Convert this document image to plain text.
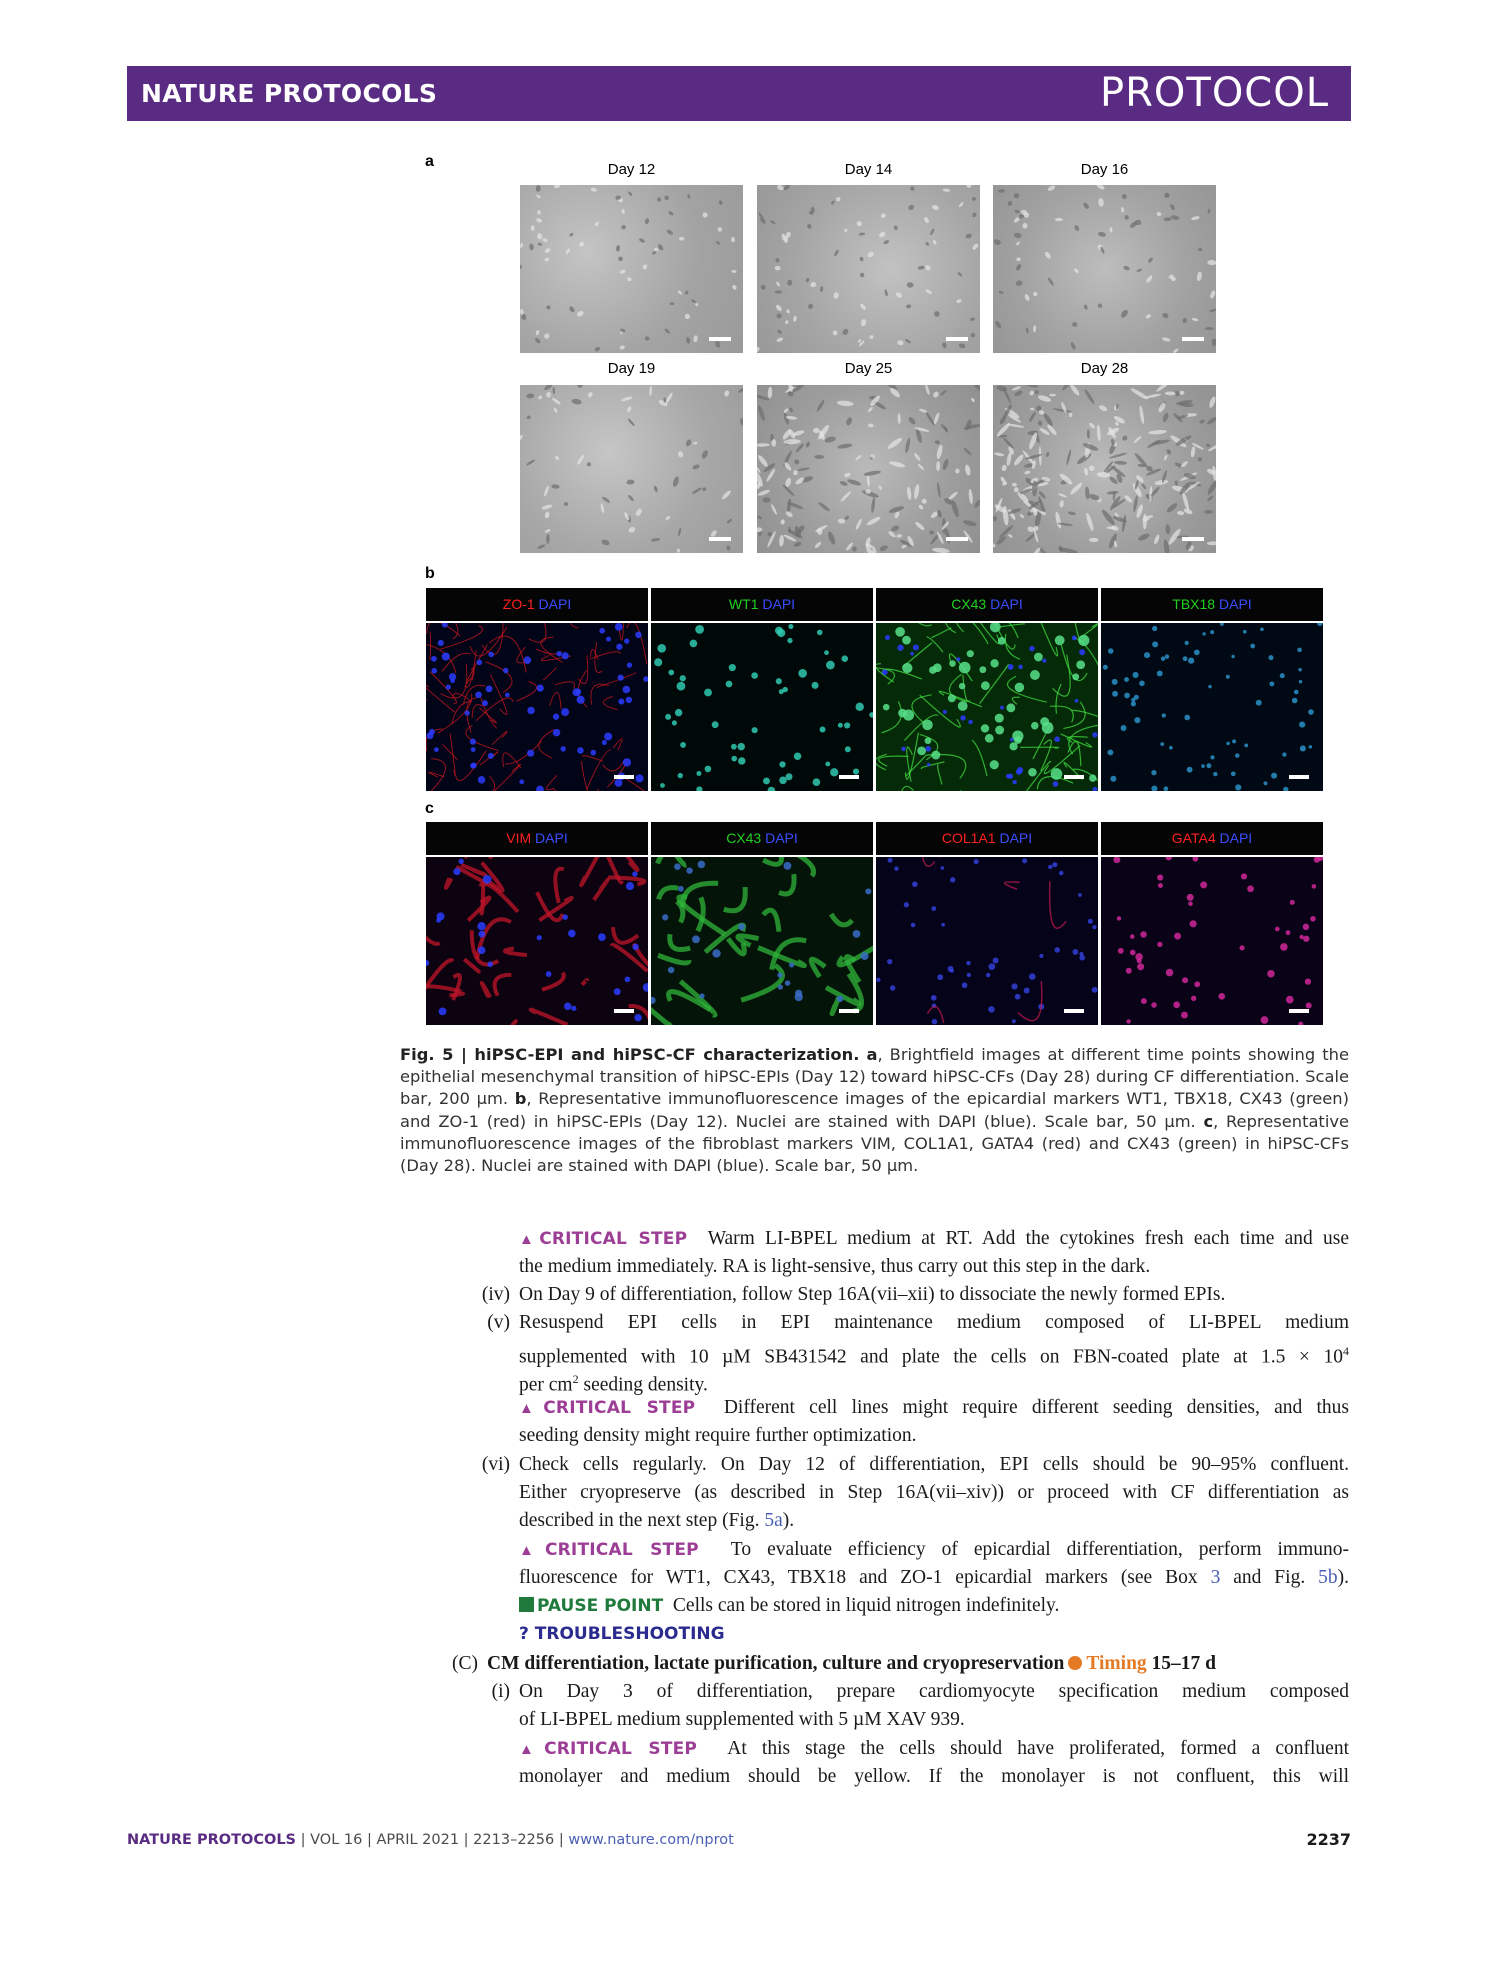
NATURE PROTOCOLS	PROTOCOL
a	Day 12	Day 14	Day 16
Day 19	Day 25	Day 28
b
ZO-1 DAPI	WT1 DAPI	CX43 DAPI	TBX18 DAPI
c
VIM DAPI	CX43 DAPI	COL1A1 DAPI	GATA4 DAPI
Fig. 5 | hiPSC-EPI and hiPSC-CF characterization. a, Brightfield images at different time points showing the epithelial mesenchymal transition of hiPSC-EPIs (Day 12) toward hiPSC-CFs (Day 28) during CF differentiation. Scale bar, 200 µm. b, Representative immunofluorescence images of the epicardial markers WT1, TBX18, CX43 (green) and ZO-1 (red) in hiPSC-EPIs (Day 12). Nuclei are stained with DAPI (blue). Scale bar, 50 µm. c, Representative immunofluorescence images of the fibroblast markers VIM, COL1A1, GATA4 (red) and CX43 (green) in hiPSC-CFs (Day 28). Nuclei are stained with DAPI (blue). Scale bar, 50 µm.
▲CRITICAL STEP Warm LI-BPEL medium at RT. Add the cytokines fresh each time and use
the medium immediately. RA is light-sensive, thus carry out this step in the dark.
(iv) On Day 9 of differentiation, follow Step 16A(vii–xii) to dissociate the newly formed EPIs.
(v) Resuspend EPI cells in EPI maintenance medium composed of LI-BPEL medium
supplemented with 10 µM SB431542 and plate the cells on FBN-coated plate at $1.5 \times 10^4$
per $cm^2$ seeding density.
▲CRITICAL STEP Different cell lines might require different seeding densities, and thus
seeding density might require further optimization.
(vi) Check cells regularly. On Day 12 of differentiation, EPI cells should be 90–95% confluent.
Either cryopreserve (as described in Step 16A(vii–xiv)) or proceed with CF differentiation as
described in the next step (Fig. 5a).
▲CRITICAL STEP To evaluate efficiency of epicardial differentiation, perform immuno-
fluorescence for WT1, CX43, TBX18 and ZO-1 epicardial markers (see Box 3 and Fig. 5b).
PAUSE POINT Cells can be stored in liquid nitrogen indefinitely.
? TROUBLESHOOTING
(C) CM differentiation, lactate purification, culture and cryopreservation Timing 15–17 d
(i) On Day 3 of differentiation, prepare cardiomyocyte specification medium composed
of LI-BPEL medium supplemented with 5 µM XAV 939.
▲CRITICAL STEP At this stage the cells should have proliferated, formed a confluent
monolayer and medium should be yellow. If the monolayer is not confluent, this will
NATURE PROTOCOLS | VOL 16 | APRIL 2021 | 2213–2256 | www.nature.com/nprot	2237
